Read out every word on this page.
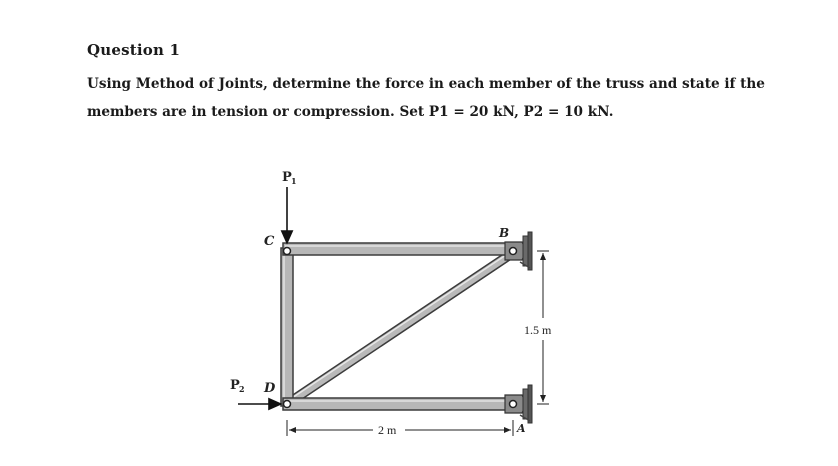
Question 1

Using Method of Joints, determine the force in each member of the truss and state if the
members are in tension or compression. Set P1 = 20 kN, P2 = 10 kN.

P 1
P 2
C
B
D
A
1.5 m
2 m
